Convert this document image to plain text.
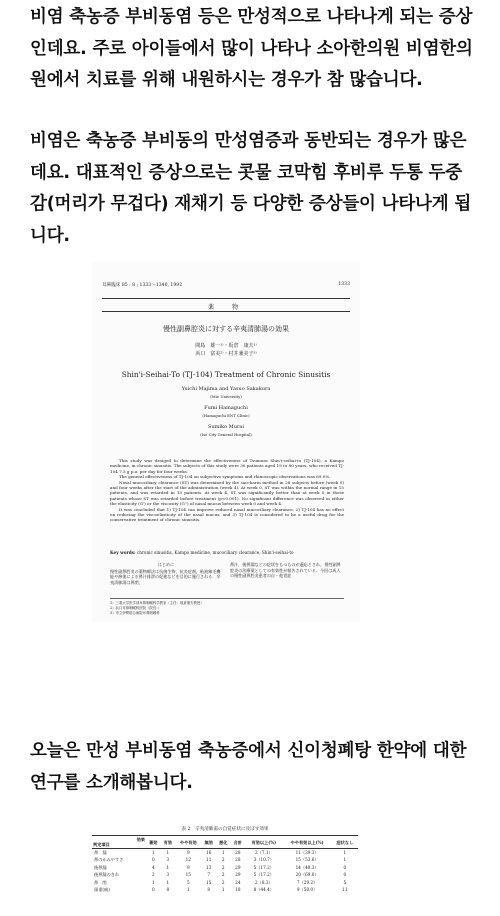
비염 축농증 부비동염 등은 만성적으로 나타나게 되는 증상인데요. 주로 아이들에서 많이 나타나 소아한의원 비염한의원에서 치료를 위해 내원하시는 경우가 참 많습니다.

비염은 축농증 부비동의 만성염증과 동반되는 경우가 많은데요. 대표적인 증상으로는 콧물 코막힘 후비루 두통 두중감(머리가 무겁다) 재채기 등 다양한 증상들이 나타나게 됩니다.

耳鼻臨床 85 : 8 ; 1333～1340, 1992	1333
薬　物
慢性副鼻腔炎に対する辛夷清肺湯の効果
間島　雄一¹⁾・坂倉　康夫¹⁾
浜口　富美²⁾・村井兼美子³⁾
Shin'i-Seihai-To (TJ-104) Treatment of Chronic Sinusitis
Yuichi Majima and Yasuo Sakakura
(Mie University)
Fumi Hamaguchi
(Hamaguchi ENT Clinic)
Sumiko Murai
(Ise City General Hospital)

This study was desiged to determine the effectiveness of Tsumura Shin'i-seihai-to (TJ-104), a Kampo medicine, in chronic sinusitis. The subjects of this study were 30 patients aged 19 to 80 years, who received TJ-104 7.5 g p.o. per day for four weeks.

The general effectiveness of TJ-104 on subjective symptoms and rhinoscopic observations was 69.0%.

Nasal mucociliary clearance (ST) was determined by the saccharin method in 28 subjects before (week 0) and four weeks after the start of the administration (week 4). At week 0, ST was within the normal range in 15 patients, and was retarded in 13 patients. At week 4, ST was significantly better than at week 0 in those patients whose ST was retarded before treatment (p<0.001). No significant difference was observed in either the elasticity (G') or the viscosity (G'') of nasal mucus between week 0 and week 4.

It was concluded that 1) TJ-104 can improve reduced nasal mucociliary clearance, 2) TJ-104 has no effect on reducing the viscoelasticity of the nasal mucus, and 3) TJ-104 is considered to be a useful drug for the conservative treatment of chronic sinusitis.

Key words: chronic sinusitis, Kampo medicine, mucociliary clearance, Shin'i-seihai-to
はじめに
慢性副鼻腔炎の薬物療法は抗菌生物，抗炎症剤，粘液線毛機能や修復による鼻汁排泄の促進などを目的に施行される．辛夷清肺湯は鼻閉，
鼻汁，後鼻漏などの症状をもつものが適応とされ，慢性副鼻腔炎の治療薬としての有効性が報告されている．今回は成人の慢性副鼻腔炎患者の自・他覚症
1）三重大学医学部耳鼻咽喉科学教室（主任：坂倉康夫教授）
2）浜口耳鼻咽喉科医院（院長：）
3）市立伊勢総合病院耳鼻咽喉科

오늘은 만성 부비동염 축농증에서 신이청폐탕 한약에 대한 연구를 소개해봅니다.

表 2　辛夷清肺湯の自覚症状に及ぼす効果
効果
判定項目	著効	有効	やや有効	無効	悪化	合計	有効以上(%)	やや有効以上(%)	症状なし
鼻　漏	1	1	9	16	1	28	2（7.1）	11（39.3）	1
鼻のかみやすさ	0	3	12	11	2	28	3（10.7）	15（53.6）	1
後鼻漏	4	1	9	13	2	29	5（17.2）	14（48.3）	0
後鼻漏のきれ	2	3	15	7	2	29	5（17.2）	20（69.0）	0
鼻　閉	1	1	5	15	2	24	2（8.3）	7（29.2）	5
頭重(痛)	0	8	1	8	1	18	8（44.4）	9（50.0）	11
